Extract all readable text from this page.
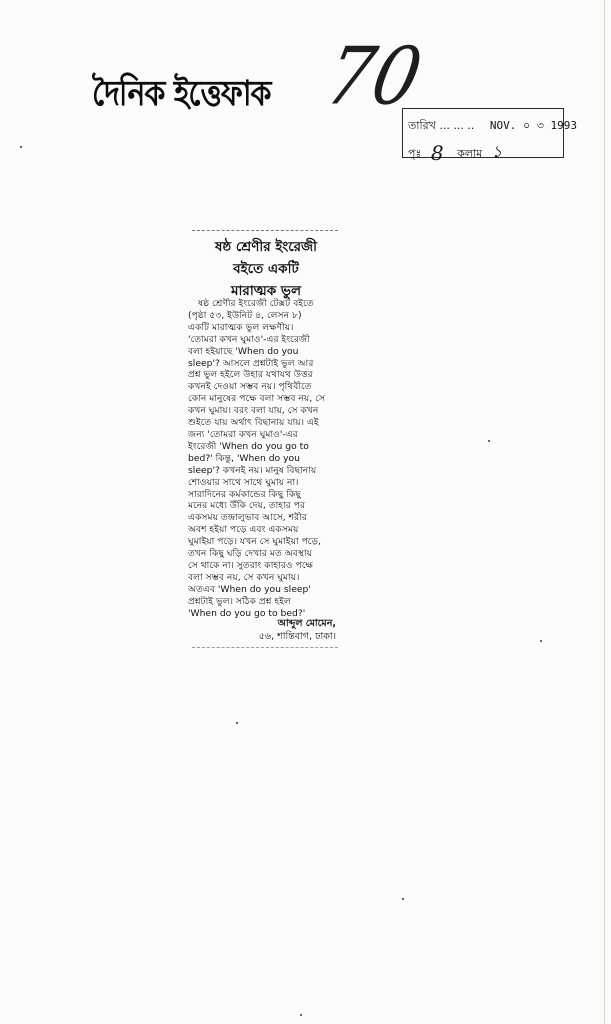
দৈনিক ইত্তেফাক 70
তারিখ ... ... .. NOV. ০ ৩ 1993
পৃঃ 8 কলাম ১
ষষ্ঠ শ্রেণীর ইংরেজী
বইতে একটি
মারাত্মক ভুল
ষষ্ঠ শ্রেণীর ইংরেজী টেক্সট বইতে
(পৃষ্ঠা ৫৩, ইউনিট ৪, লেসন ৮)
একটি মারাত্মক ভুল লক্ষণীয়।
'তোমরা কখন ঘুমাও'-এর ইংরেজী
বলা হইয়াছে 'When do you
sleep'? আসলে প্রশ্নটাই ভুল আর
প্রশ্ন ভুল হইলে উহার যথাযথ উত্তর
কখনই দেওয়া সম্ভব নয়। পৃথিবীতে
কোন মানুষের পক্ষে বলা সম্ভব নয়, সে
কখন ঘুমায়। বরং বলা যায়, সে কখন
শুইতে যায় অর্থাৎ বিছানায় যায়। এই
জন্য 'তোমরা কখন ঘুমাও'-এর
ইংরেজী 'When do you go to
bed?' কিন্তু, 'When do you
sleep'? কখনই নয়। মানুষ বিছানায়
শোওয়ার সাথে সাথে ঘুমায় না।
সারাদিনের কর্মকান্ডের কিছু কিছু
মনের মধ্যে উঁকি দেয়, তাহার পর
একসময় তন্দ্রালুভাব আসে, শরীর
অবশ হইয়া পড়ে এবং একসময়
ঘুমাইয়া পড়ে। যখন সে ঘুমাইয়া পড়ে,
তখন কিছু ঘড়ি দেখার মত অবস্থায়
সে থাকে না। সুতরাং কাহারও পক্ষে
বলা সম্ভব নয়, সে কখন ঘুমায়।
অতএব 'When do you sleep'
প্রশ্নটাই ভুল। সঠিক প্রশ্ন হইল
'When do you go to bed?'
আব্দুল মোমেন,
৫৬, শান্তিবাগ, ঢাকা।
